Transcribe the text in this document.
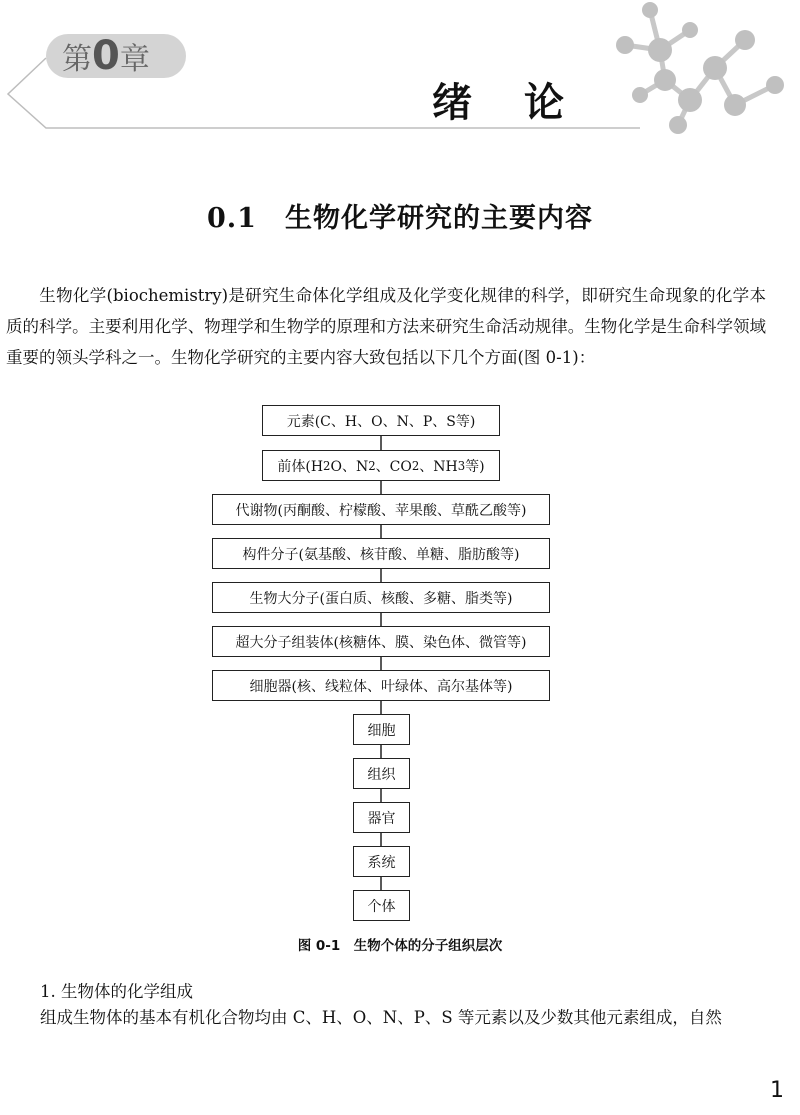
第0章
绪论
0.1 生物化学研究的主要内容
生物化学(biochemistry)是研究生命体化学组成及化学变化规律的科学，即研究生命现象的化学本质的科学。主要利用化学、物理学和生物学的原理和方法来研究生命活动规律。生物化学是生命科学领域重要的领头学科之一。生物化学研究的主要内容大致包括以下几个方面(图 0-1)：
元素(C、H、O、N、P、S等)
前体(H 2 O、N 2 、CO 2 、NH 3 等)
代谢物(丙酮酸、柠檬酸、苹果酸、草酰乙酸等)
构件分子(氨基酸、核苷酸、单糖、脂肪酸等)
生物大分子(蛋白质、核酸、多糖、脂类等)
超大分子组装体(核糖体、膜、染色体、微管等)
细胞器(核、线粒体、叶绿体、高尔基体等)
细胞
组织
器官
系统
个体
图 0-1　生物个体的分子组织层次
1. 生物体的化学组成
组成生物体的基本有机化合物均由 C、H、O、N、P、S 等元素以及少数其他元素组成，自然
1
